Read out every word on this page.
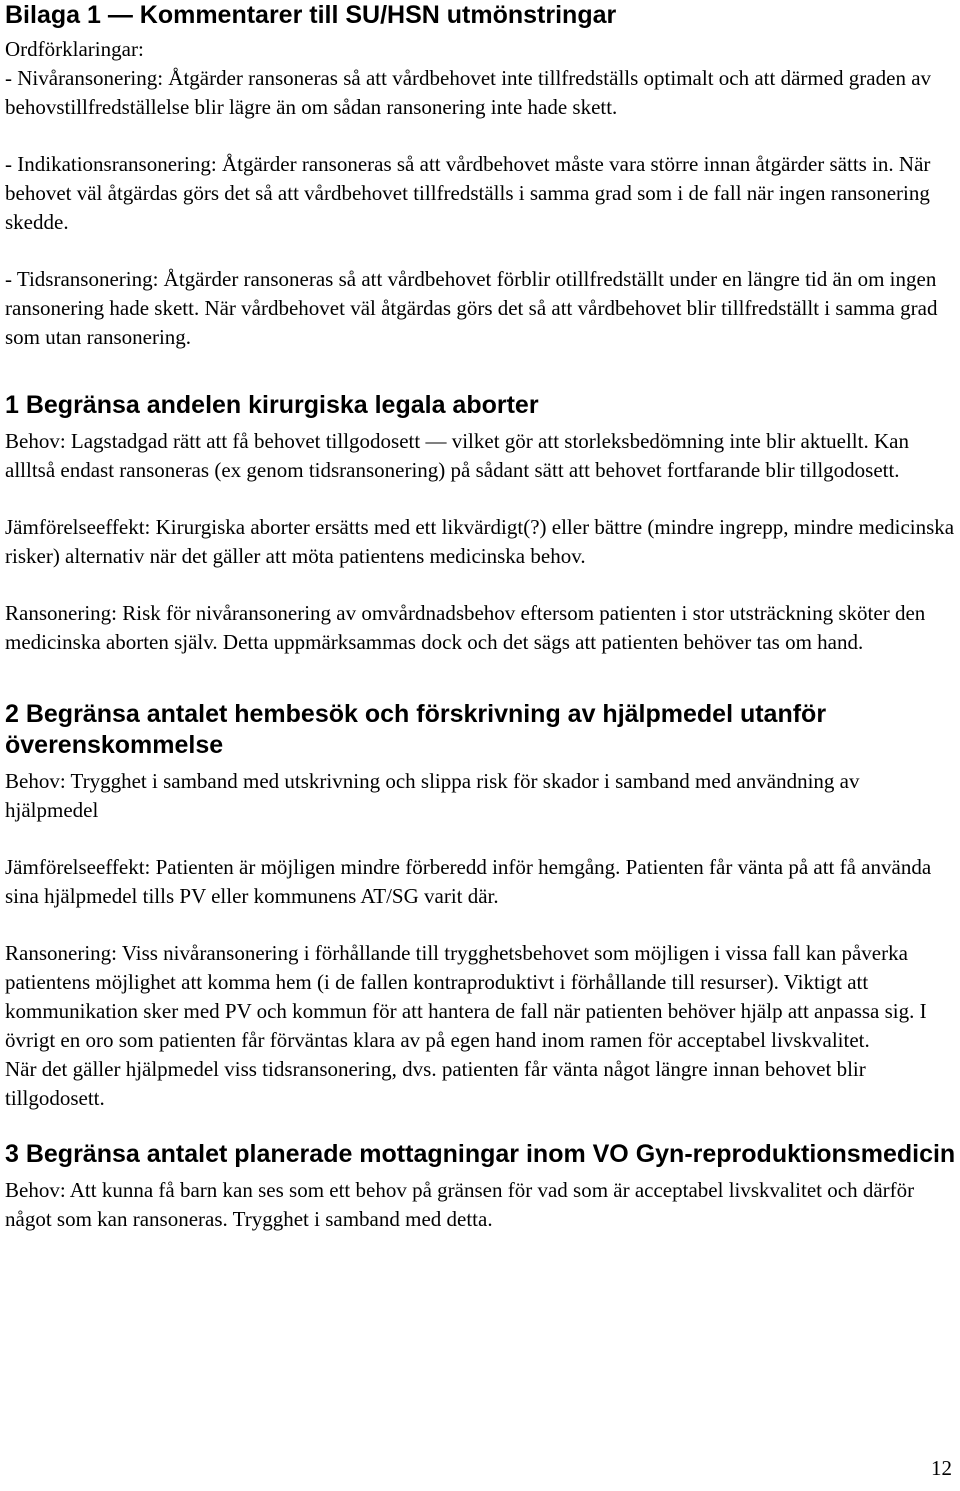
Bilaga 1 — Kommentarer till SU/HSN utmönstringar

Ordförklaringar:

- Nivåransonering: Åtgärder ransoneras så att vårdbehovet inte tillfredställs optimalt och att därmed graden av behovstillfredställelse blir lägre än om sådan ransonering inte hade skett.

- Indikationsransonering: Åtgärder ransoneras så att vårdbehovet måste vara större innan åtgärder sätts in. När behovet väl åtgärdas görs det så att vårdbehovet tillfredställs i samma grad som i de fall när ingen ransonering skedde.

- Tidsransonering: Åtgärder ransoneras så att vårdbehovet förblir otillfredställt under en längre tid än om ingen ransonering hade skett. När vårdbehovet väl åtgärdas görs det så att vårdbehovet blir tillfredställt i samma grad som utan ransonering.

1 Begränsa andelen kirurgiska legala aborter

Behov: Lagstadgad rätt att få behovet tillgodosett — vilket gör att storleksbedömning inte blir aktuellt. Kan allltså endast ransoneras (ex genom tidsransonering) på sådant sätt att behovet fortfarande blir tillgodosett.

Jämförelseeffekt: Kirurgiska aborter ersätts med ett likvärdigt(?) eller bättre (mindre ingrepp, mindre medicinska risker) alternativ när det gäller att möta patientens medicinska behov.

Ransonering: Risk för nivåransonering av omvårdnadsbehov eftersom patienten i stor utsträckning sköter den medicinska aborten själv. Detta uppmärksammas dock och det sägs att patienten behöver tas om hand.

2 Begränsa antalet hembesök och förskrivning av hjälpmedel utanför överenskommelse

Behov: Trygghet i samband med utskrivning och slippa risk för skador i samband med användning av hjälpmedel

Jämförelseeffekt: Patienten är möjligen mindre förberedd inför hemgång. Patienten får vänta på att få använda sina hjälpmedel tills PV eller kommunens AT/SG varit där.

Ransonering: Viss nivåransonering i förhållande till trygghetsbehovet som möjligen i vissa fall kan påverka patientens möjlighet att komma hem (i de fallen kontraproduktivt i förhållande till resurser). Viktigt att kommunikation sker med PV och kommun för att hantera de fall när patienten behöver hjälp att anpassa sig. I övrigt en oro som patienten får förväntas klara av på egen hand inom ramen för acceptabel livskvalitet.

När det gäller hjälpmedel viss tidsransonering, dvs. patienten får vänta något längre innan behovet blir tillgodosett.

3 Begränsa antalet planerade mottagningar inom VO Gyn-reproduktionsmedicin

Behov: Att kunna få barn kan ses som ett behov på gränsen för vad som är acceptabel livskvalitet och därför något som kan ransoneras. Trygghet i samband med detta.

12
